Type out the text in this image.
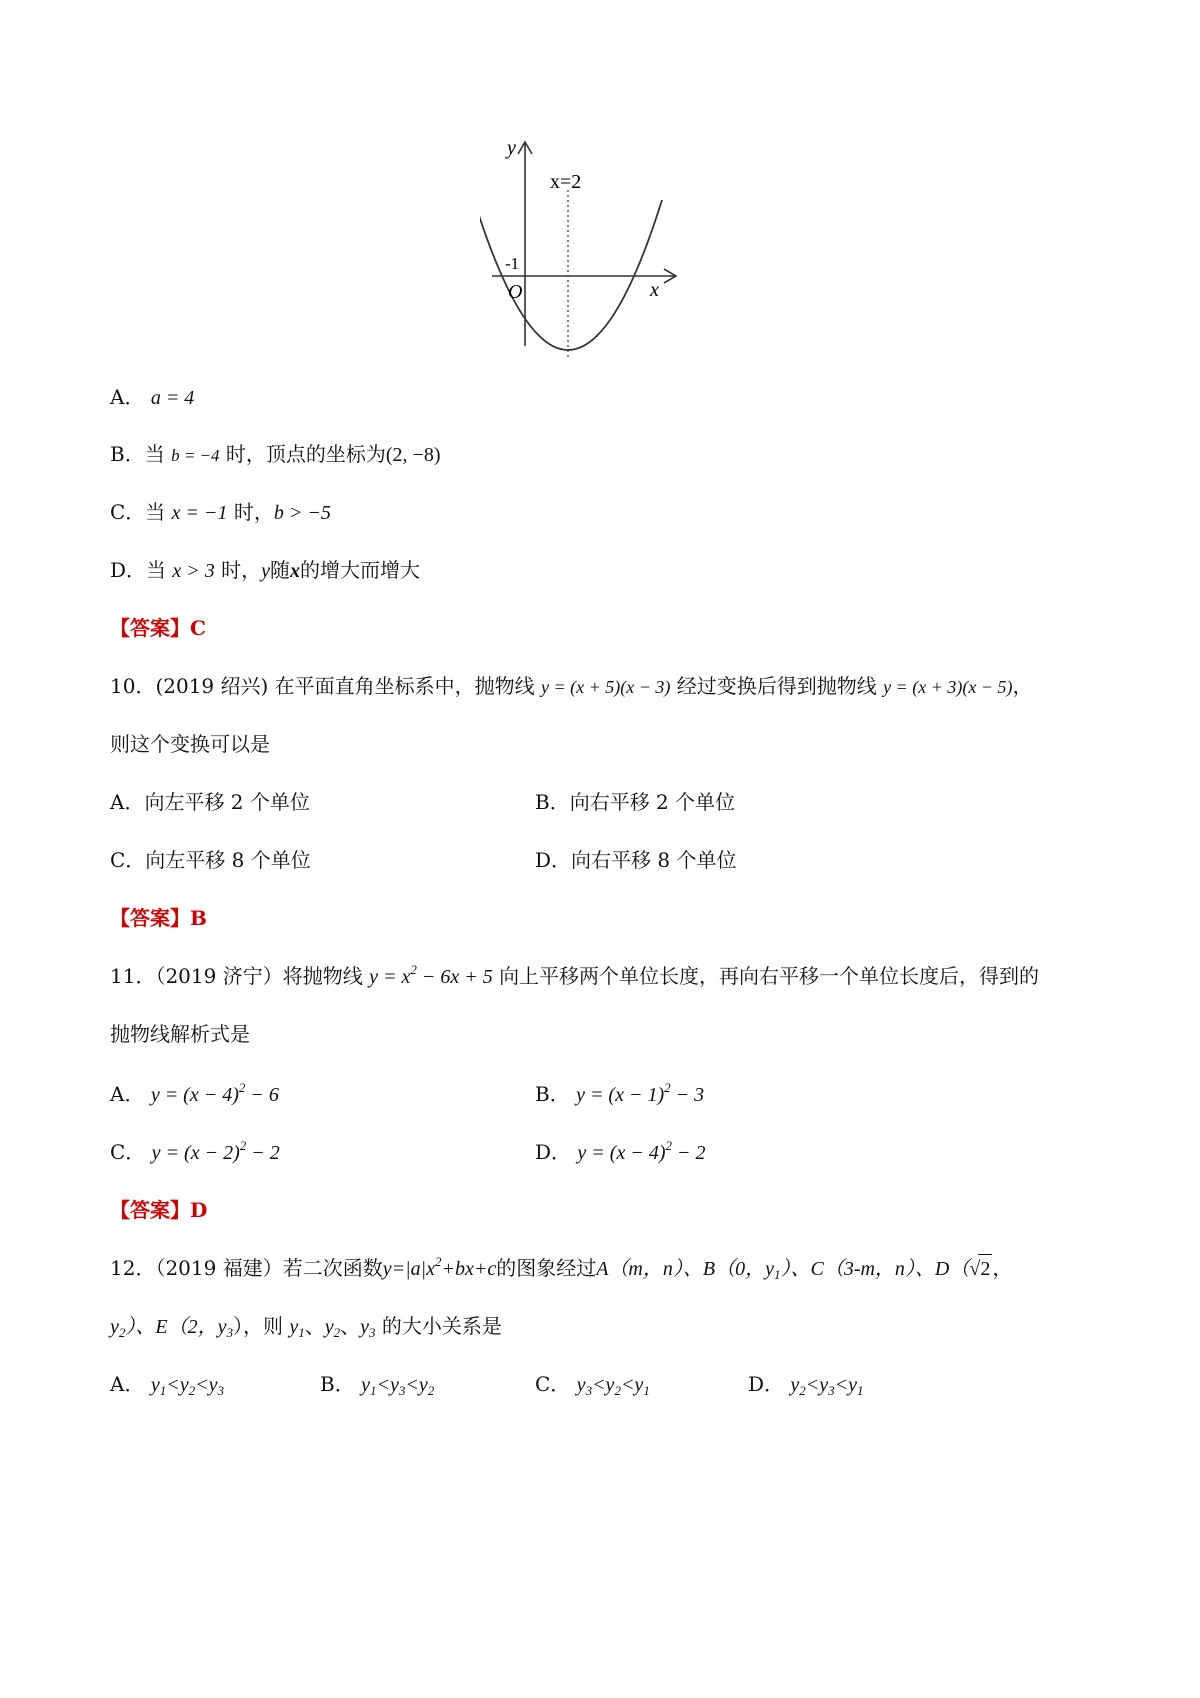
y
x
O
-1
x=2
A． a = 4
B．当 b = −4 时，顶点的坐标为(2, −8)
C．当 x = −1 时，b > −5
D．当 x > 3 时，y随x的增大而增大
【答案】C
10．(2019 绍兴) 在平面直角坐标系中，抛物线 y = (x + 5)(x − 3) 经过变换后得到抛物线 y = (x + 3)(x − 5)，
则这个变换可以是
A．向左平移 2 个单位	B．向右平移 2 个单位
C．向左平移 8 个单位	D．向右平移 8 个单位
【答案】B
11．（2019 济宁）将抛物线 $y = x^2 - 6x + 5$ 向上平移两个单位长度，再向右平移一个单位长度后，得到的
抛物线解析式是
A． $y = (x - 4)^2 - 6$	B． $y = (x - 1)^2 - 3$
C． $y = (x - 2)^2 - 2$	D． $y = (x - 4)^2 - 2$
【答案】D
12．（2019 福建）若二次函数$y=|a|x^2+bx+c$的图象经过A（m，n）、B（0，$y_1$）、C（3-m，n）、D（√2 ，
$y_2$）、E（2，$y_3$），则 $y_1$、$y_2$、$y_3$ 的大小关系是
A． $y_1<y_2<y_3$	B． $y_1<y_3<y_2$	C． $y_3<y_2<y_1$	D． $y_2<y_3<y_1$
